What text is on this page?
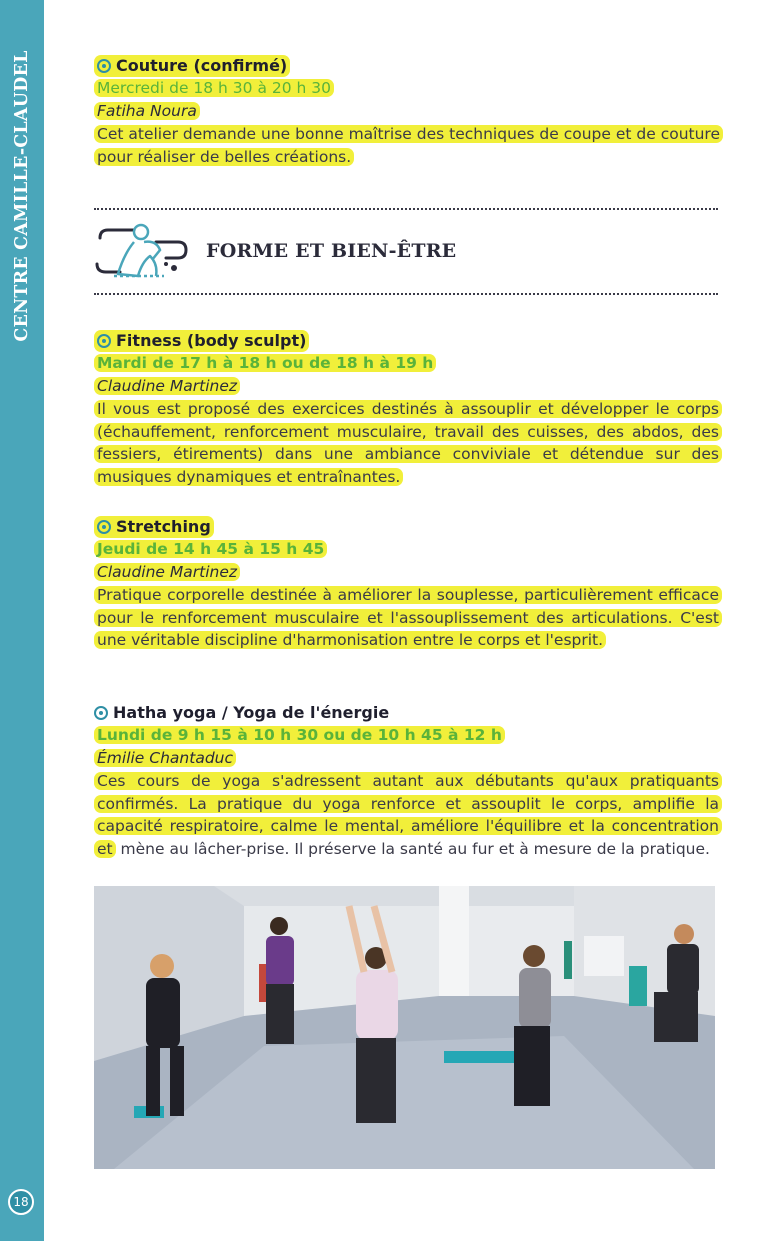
CENTRE CAMILLE-CLAUDEL
18
Couture (confirmé)
Mercredi de 18 h 30 à 20 h 30
Fatiha Noura

Cet atelier demande une bonne maîtrise des techniques de coupe et de couture pour réaliser de belles créations.

FORME ET BIEN-ÊTRE
Fitness (body sculpt)
Mardi de 17 h à 18 h ou de 18 h à 19 h
Claudine Martinez

Il vous est proposé des exercices destinés à assouplir et développer le corps (échauffement, renforcement musculaire, travail des cuisses, des abdos, des fessiers, étirements) dans une ambiance conviviale et détendue sur des musiques dynamiques et entraînantes.

Stretching
Jeudi de 14 h 45 à 15 h 45
Claudine Martinez

Pratique corporelle destinée à améliorer la souplesse, particulièrement efficace pour le renforcement musculaire et l'assouplissement des articulations. C'est une véritable discipline d'harmonisation entre le corps et l'esprit.

Hatha yoga / Yoga de l'énergie
Lundi de 9 h 15 à 10 h 30 ou de 10 h 45 à 12 h
Émilie Chantaduc

Ces cours de yoga s'adressent autant aux débutants qu'aux pratiquants confirmés. La pratique du yoga renforce et assouplit le corps, amplifie la capacité respiratoire, calme le mental, améliore l'équilibre et la concentration et mène au lâcher-prise. Il préserve la santé au fur et à mesure de la pratique.
